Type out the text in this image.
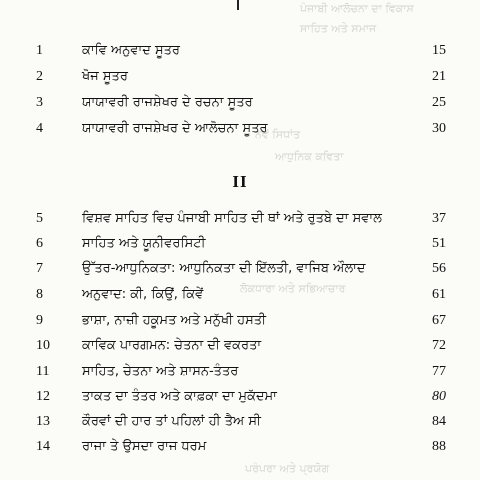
ਪੰਜਾਬੀ ਆਲੋਚਨਾ ਦਾ ਵਿਕਾਸ
ਸਾਹਿਤ ਅਤੇ ਸਮਾਜ
ਨਵੇਂ ਸਿਧਾਂਤ
ਆਧੁਨਿਕ ਕਵਿਤਾ
ਲੋਕਧਾਰਾ ਅਤੇ ਸਭਿਆਚਾਰ
ਪਰੰਪਰਾ ਅਤੇ ਪ੍ਰਯੋਗ
1	ਕਾਵਿ ਅਨੁਵਾਦ ਸੂਤਰ	15
2	ਖੋਜ ਸੂਤਰ	21
3	ਯਾਯਾਵਰੀ ਰਾਜਸ਼ੇਖਰ ਦੇ ਰਚਨਾ ਸੂਤਰ	25
4	ਯਾਯਾਵਰੀ ਰਾਜਸ਼ੇਖਰ ਦੇ ਆਲੋਚਨਾ ਸੂਤਰ	30
II
5	ਵਿਸ਼ਵ ਸਾਹਿਤ ਵਿਚ ਪੰਜਾਬੀ ਸਾਹਿਤ ਦੀ ਥਾਂ ਅਤੇ ਰੁਤਬੇ ਦਾ ਸਵਾਲ	37
6	ਸਾਹਿਤ ਅਤੇ ਯੂਨੀਵਰਸਿਟੀ	51
7	ਉੱਤਰ-ਆਧੁਨਿਕਤਾ: ਆਧੁਨਿਕਤਾ ਦੀ ਇੱਲਤੀ, ਵਾਜਿਬ ਔਲਾਦ	56
8	ਅਨੁਵਾਦ: ਕੀ, ਕਿਉਂ, ਕਿਵੇਂ	61
9	ਭਾਸ਼ਾ, ਨਾਜ਼ੀ ਹਕੂਮਤ ਅਤੇ ਮਨੁੱਖੀ ਹਸਤੀ	67
10	ਕਾਵਿਕ ਪਾਰਗਮਨ: ਚੇਤਨਾ ਦੀ ਵਕਰਤਾ	72
11	ਸਾਹਿਤ, ਚੇਤਨਾ ਅਤੇ ਸ਼ਾਸਨ-ਤੰਤਰ	77
12	ਤਾਕਤ ਦਾ ਤੰਤਰ ਅਤੇ ਕਾਫ਼ਕਾ ਦਾ ਮੁਕੱਦਮਾ	80
13	ਕੌਰਵਾਂ ਦੀ ਹਾਰ ਤਾਂ ਪਹਿਲਾਂ ਹੀ ਤੈਅ ਸੀ	84
14	ਰਾਜਾ ਤੇ ਉਸਦਾ ਰਾਜ ਧਰਮ	88
